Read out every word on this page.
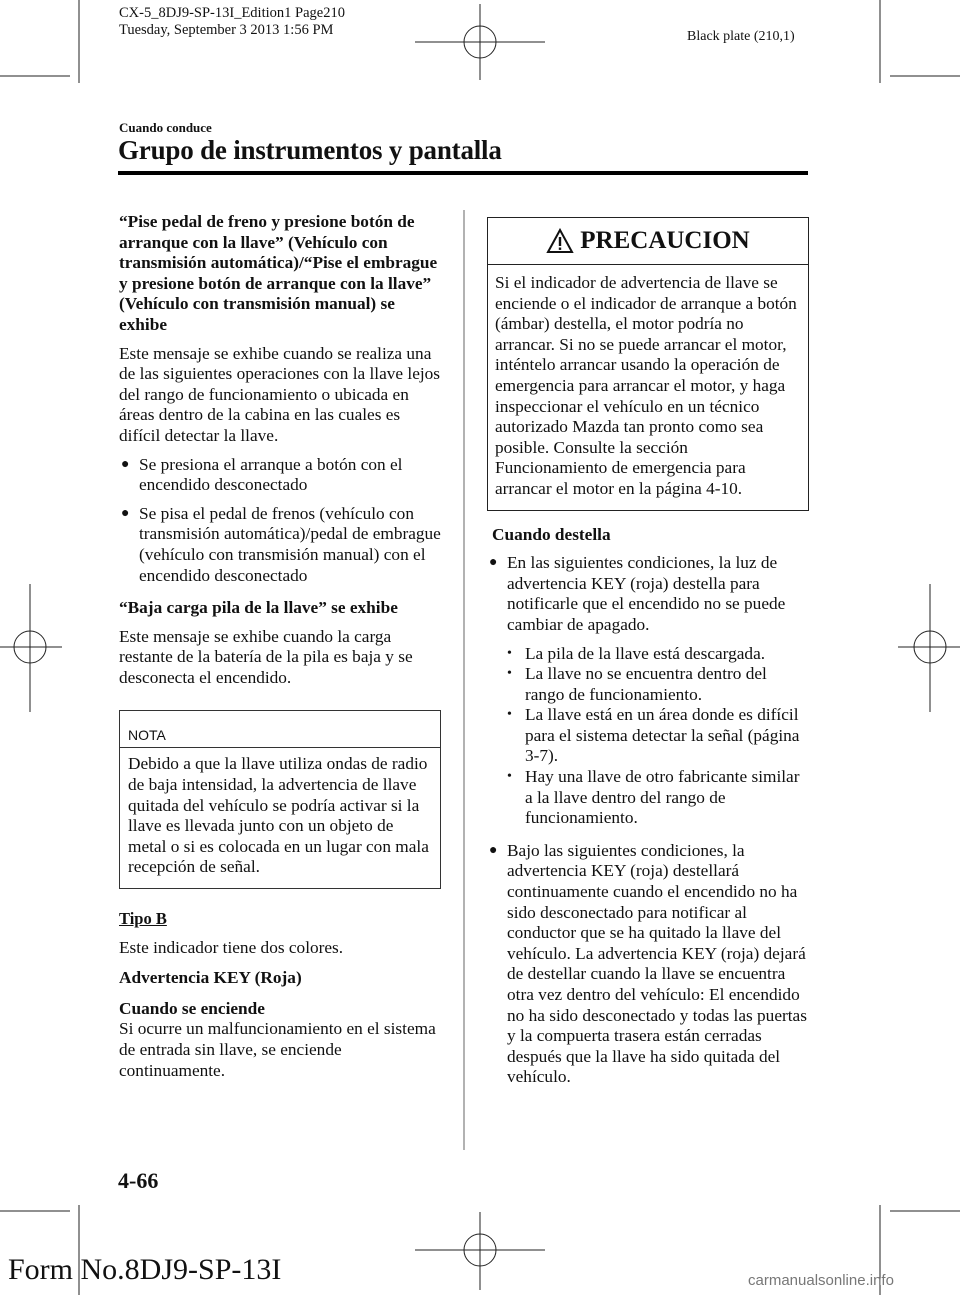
CX-5_8DJ9-SP-13I_Edition1 Page210
Tuesday, September 3 2013 1:56 PM	Black plate (210,1)
Cuando conduce
Grupo de instrumentos y pantalla

“Pise pedal de freno y presione botón de arranque con la llave” (Vehículo con transmisión automática)/“Pise el embrague y presione botón de arranque con la llave” (Vehículo con transmisión manual) se exhibe

Este mensaje se exhibe cuando se realiza una de las siguientes operaciones con la llave lejos del rango de funcionamiento o ubicada en áreas dentro de la cabina en las cuales es difícil detectar la llave.

● Se presiona el arranque a botón con el encendido desconectado
● Se pisa el pedal de frenos (vehículo con transmisión automática)/pedal de embrague (vehículo con transmisión manual) con el encendido desconectado

“Baja carga pila de la llave” se exhibe

Este mensaje se exhibe cuando la carga restante de la batería de la pila es baja y se desconecta el encendido.

NOTA
Debido a que la llave utiliza ondas de radio de baja intensidad, la advertencia de llave quitada del vehículo se podría activar si la llave es llevada junto con un objeto de metal o si es colocada en un lugar con mala recepción de señal.

Tipo B

Este indicador tiene dos colores.

Advertencia KEY (Roja)

Cuando se enciende

Si ocurre un malfuncionamiento en el sistema de entrada sin llave, se enciende continuamente.

PRECAUCION
Si el indicador de advertencia de llave se enciende o el indicador de arranque a botón (ámbar) destella, el motor podría no arrancar. Si no se puede arrancar el motor, inténtelo arrancar usando la operación de emergencia para arrancar el motor, y haga inspeccionar el vehículo en un técnico autorizado Mazda tan pronto como sea posible. Consulte la sección Funcionamiento de emergencia para arrancar el motor en la página 4-10.

Cuando destella

● En las siguientes condiciones, la luz de advertencia KEY (roja) destella para notificarle que el encendido no se puede cambiar de apagado.
• La pila de la llave está descargada.
• La llave no se encuentra dentro del rango de funcionamiento.
• La llave está en un área donde es difícil para el sistema detectar la señal (página 3-7).
• Hay una llave de otro fabricante similar a la llave dentro del rango de funcionamiento.
● Bajo las siguientes condiciones, la advertencia KEY (roja) destellará continuamente cuando el encendido no ha sido desconectado para notificar al conductor que se ha quitado la llave del vehículo. La advertencia KEY (roja) dejará de destellar cuando la llave se encuentra otra vez dentro del vehículo: El encendido no ha sido desconectado y todas las puertas y la compuerta trasera están cerradas después que la llave ha sido quitada del vehículo.
4-66
Form No.8DJ9-SP-13I	carmanualsonline.info
